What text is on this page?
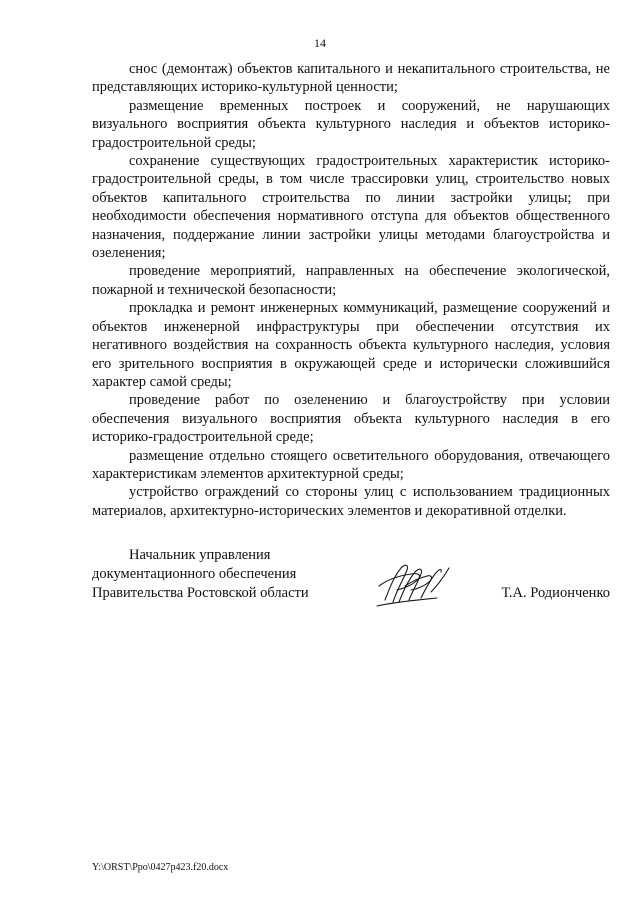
14

снос (демонтаж) объектов капитального и некапитального строительства, не представляющих историко-культурной ценности;

размещение временных построек и сооружений, не нарушающих визуального восприятия объекта культурного наследия и объектов историко-градостроительной среды;

сохранение существующих градостроительных характеристик историко-градостроительной среды, в том числе трассировки улиц, строительство новых объектов капитального строительства по линии застройки улицы; при необходимости обеспечения нормативного отступа для объектов общественного назначения, поддержание линии застройки улицы методами благоустройства и озеленения;

проведение мероприятий, направленных на обеспечение экологической, пожарной и технической безопасности;

прокладка и ремонт инженерных коммуникаций, размещение сооружений и объектов инженерной инфраструктуры при обеспечении отсутствия их негативного воздействия на сохранность объекта культурного наследия, условия его зрительного восприятия в окружающей среде и исторически сложившийся характер самой среды;

проведение работ по озеленению и благоустройству при условии обеспечения визуального восприятия объекта культурного наследия в его историко-градостроительной среде;

размещение отдельно стоящего осветительного оборудования, отвечающего характеристикам элементов архитектурной среды;

устройство ограждений со стороны улиц с использованием традиционных материалов, архитектурно-исторических элементов и декоративной отделки.

Начальник управления
документационного обеспечения
Правительства Ростовской области	Т.А. Родионченко
Y:\ORST\Ppo\0427p423.f20.docx
